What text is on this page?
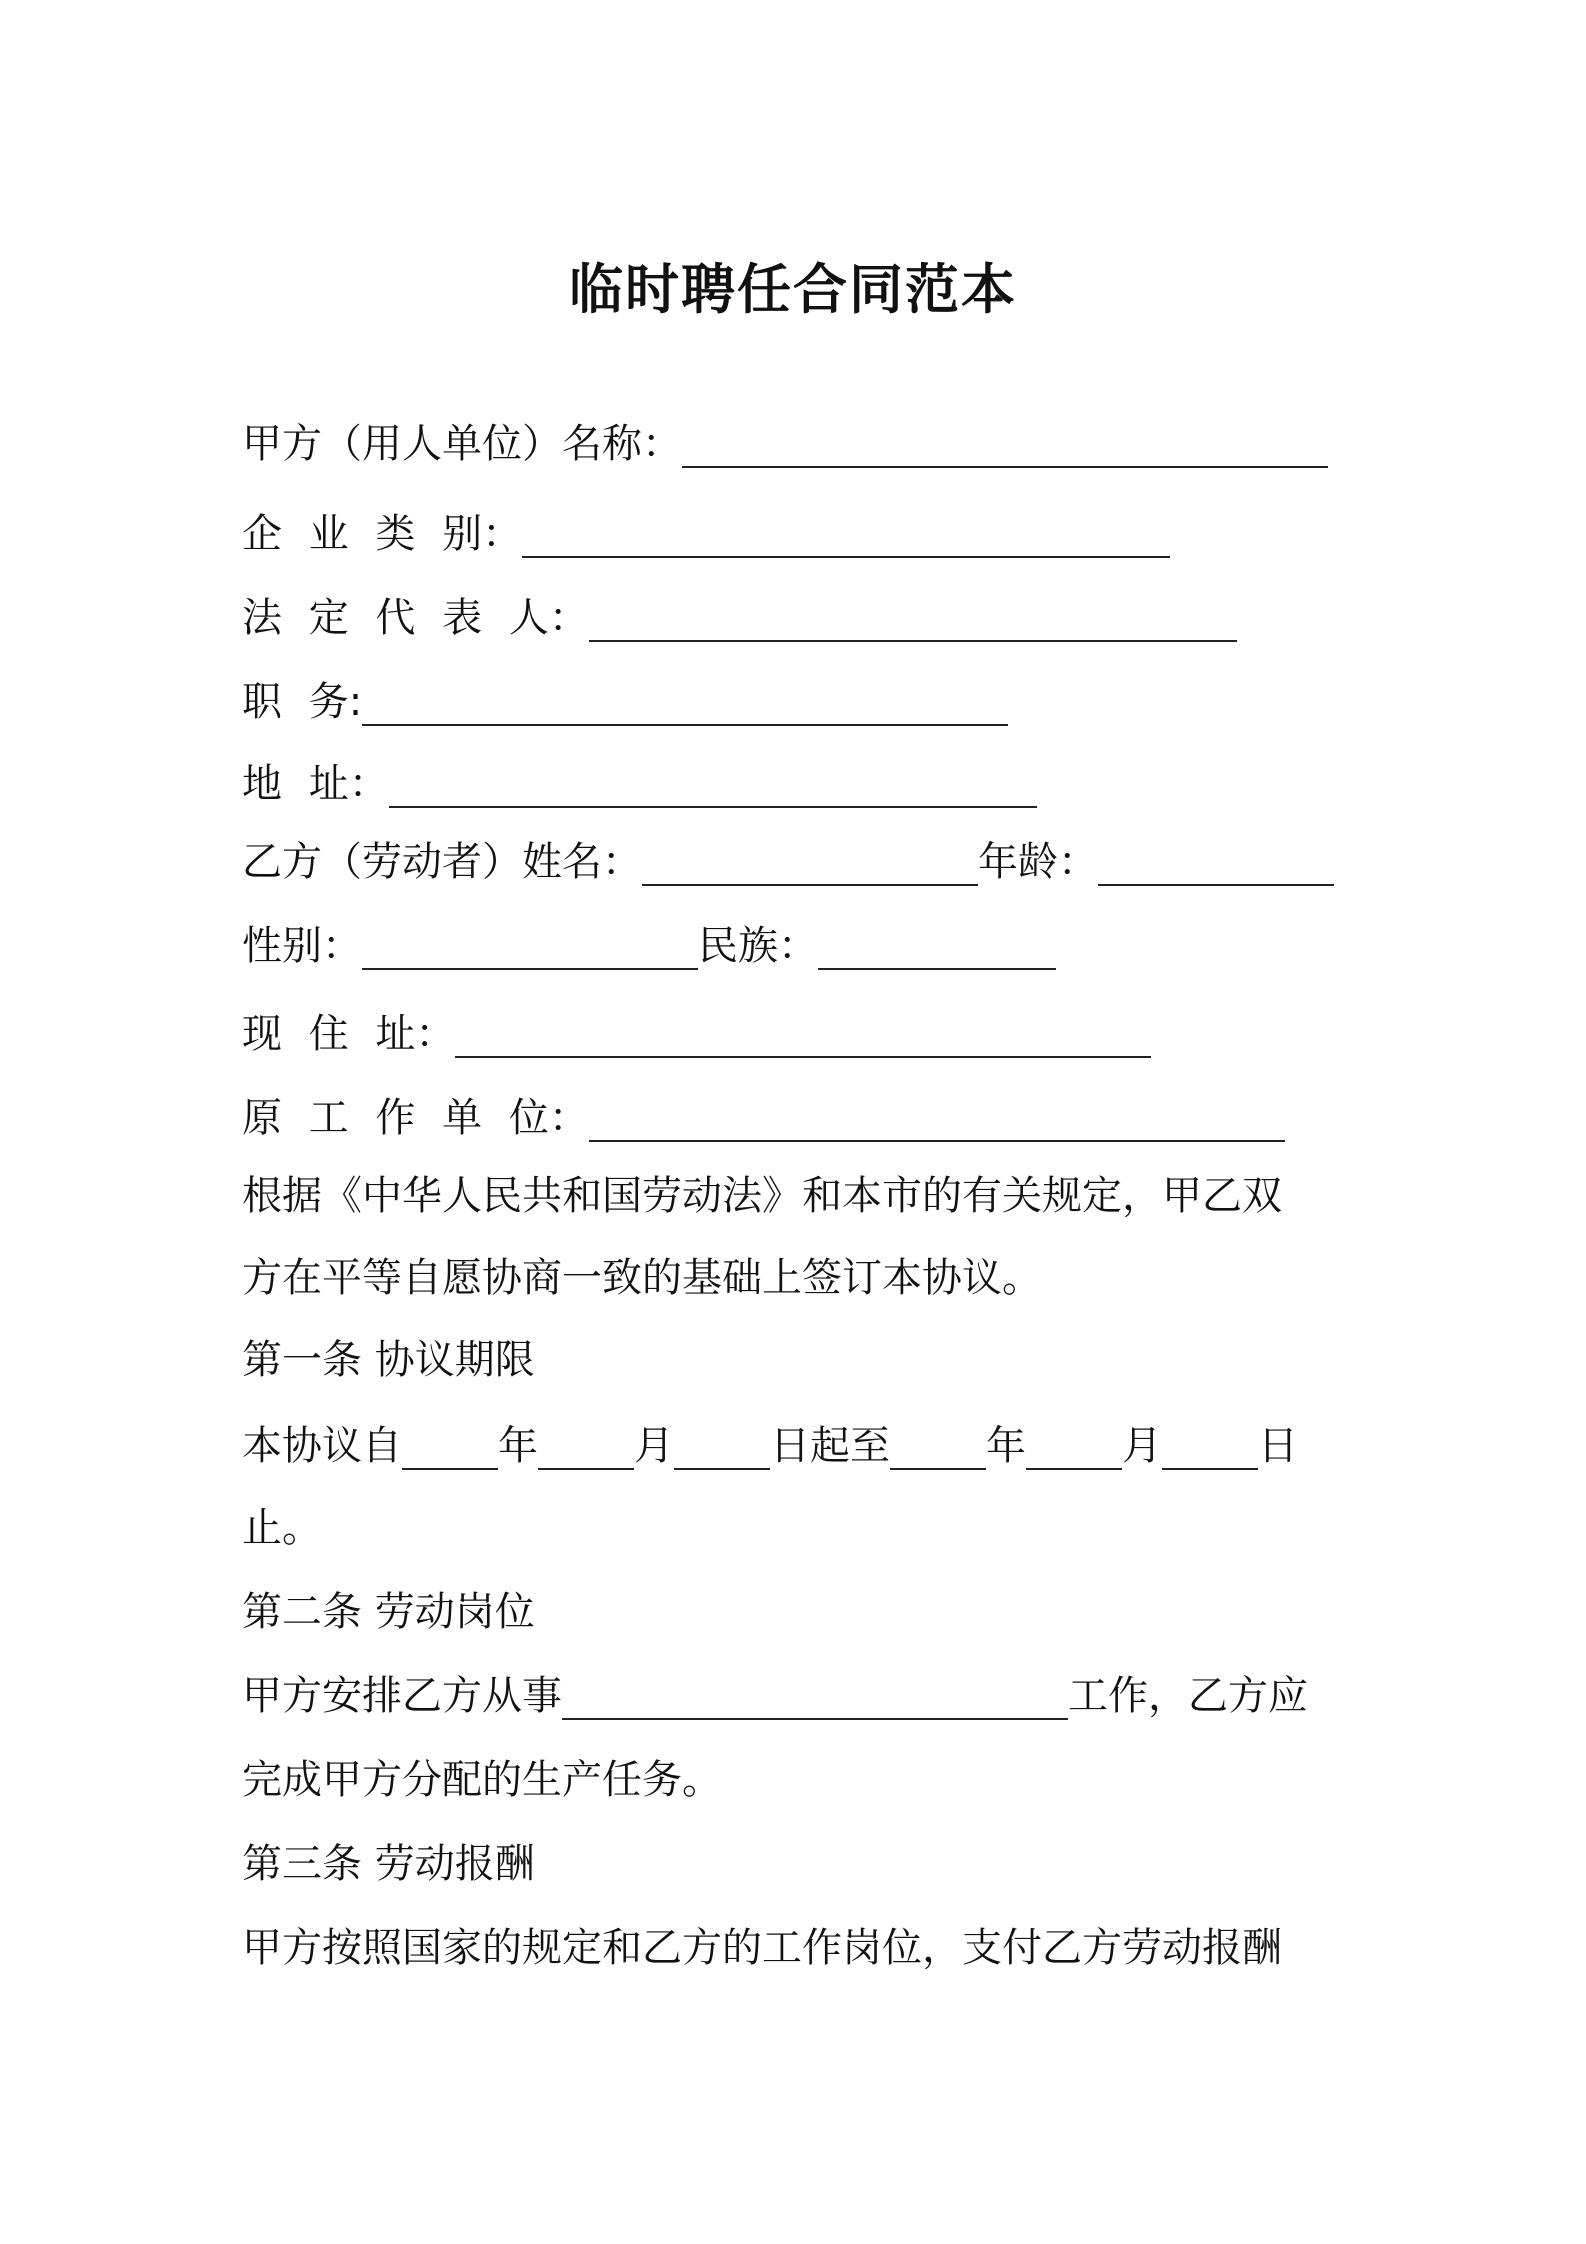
临时聘任合同范本
甲方（用人单位）名称：
企 业 类 别：
法 定 代 表 人：
职 务:
地 址：
乙方（劳动者）姓名：	年龄：
性别：	民族：
现 住 址：
原 工 作 单 位：
根据《中华人民共和国劳动法》和本市的有关规定，甲乙双
方在平等自愿协商一致的基础上签订本协议。
第一条 协议期限
本协议自 年 月 日起至 年 月 日
止。
第二条 劳动岗位
甲方安排乙方从事	工作，乙方应
完成甲方分配的生产任务。
第三条 劳动报酬
甲方按照国家的规定和乙方的工作岗位，支付乙方劳动报酬
